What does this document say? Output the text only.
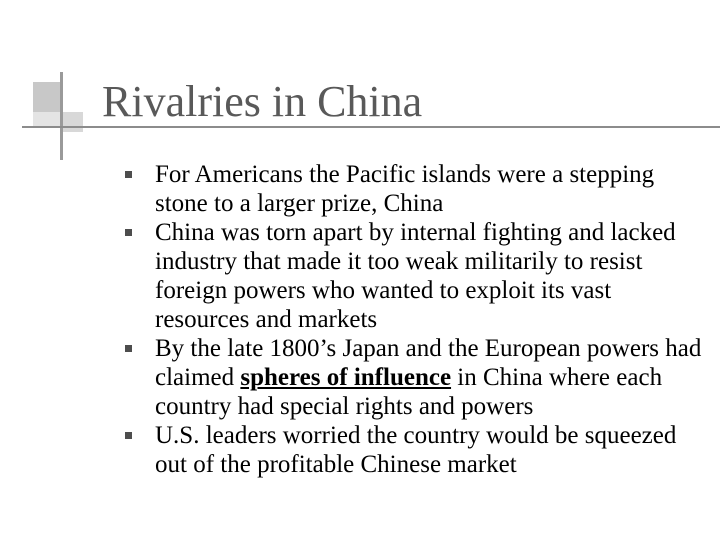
Rivalries in China
For Americans the Pacific islands were a stepping stone to a larger prize, China
China was torn apart by internal fighting and lacked industry that made it too weak militarily to resist foreign powers who wanted to exploit its vast resources and markets
By the late 1800’s Japan and the European powers had claimed spheres of influence in China where each country had special rights and powers
U.S. leaders worried the country would be squeezed out of the profitable Chinese market
